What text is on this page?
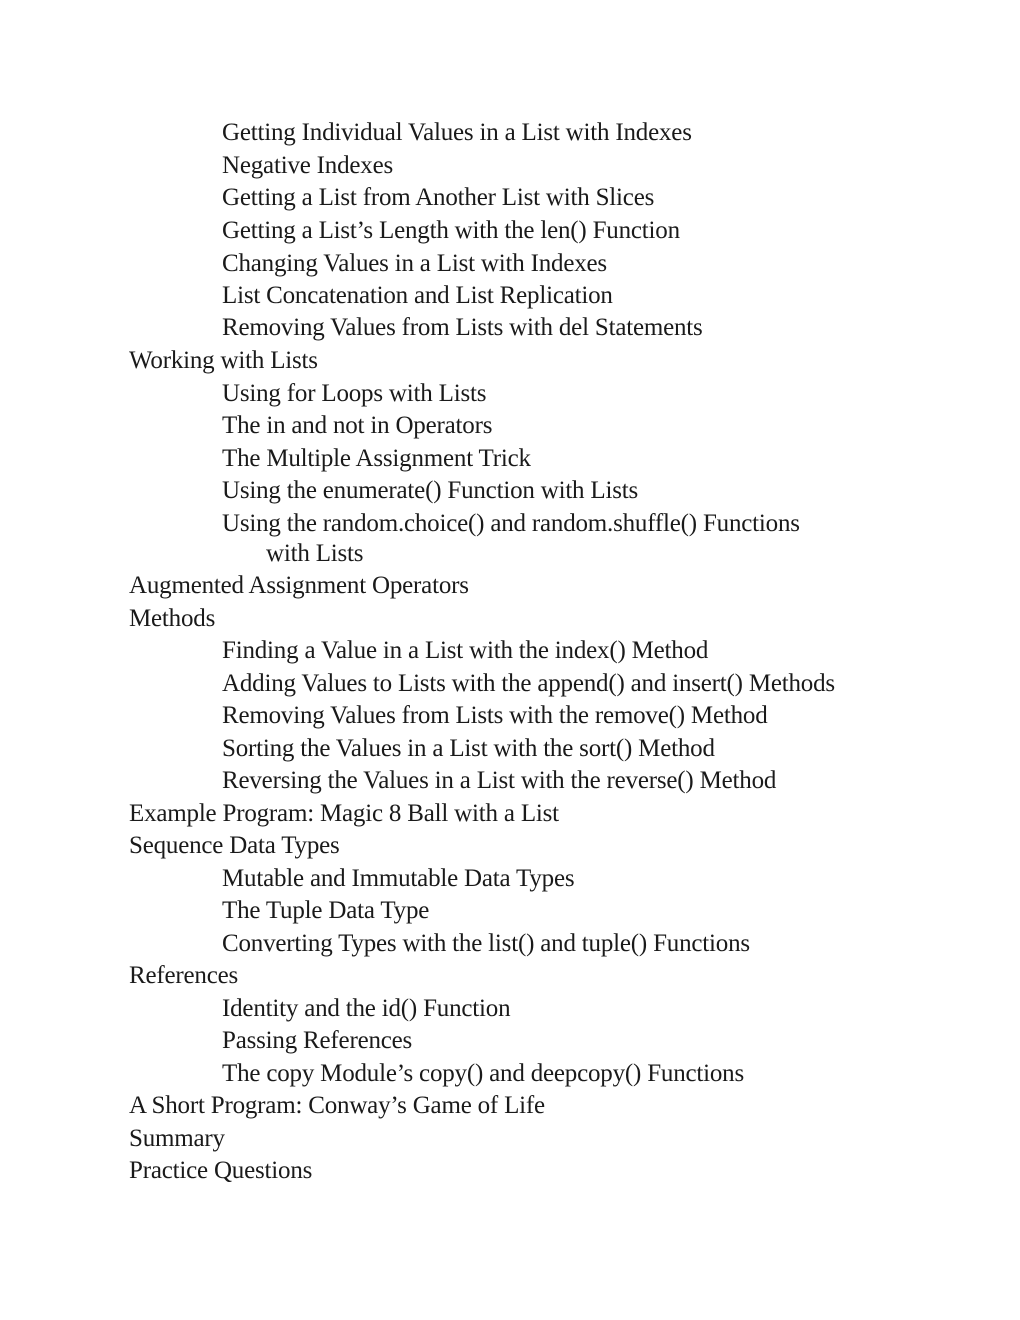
Getting Individual Values in a List with Indexes
Negative Indexes
Getting a List from Another List with Slices
Getting a List’s Length with the len() Function
Changing Values in a List with Indexes
List Concatenation and List Replication
Removing Values from Lists with del Statements
Working with Lists
Using for Loops with Lists
The in and not in Operators
The Multiple Assignment Trick
Using the enumerate() Function with Lists
Using the random.choice() and random.shuffle() Functions
with Lists
Augmented Assignment Operators
Methods
Finding a Value in a List with the index() Method
Adding Values to Lists with the append() and insert() Methods
Removing Values from Lists with the remove() Method
Sorting the Values in a List with the sort() Method
Reversing the Values in a List with the reverse() Method
Example Program: Magic 8 Ball with a List
Sequence Data Types
Mutable and Immutable Data Types
The Tuple Data Type
Converting Types with the list() and tuple() Functions
References
Identity and the id() Function
Passing References
The copy Module’s copy() and deepcopy() Functions
A Short Program: Conway’s Game of Life
Summary
Practice Questions
